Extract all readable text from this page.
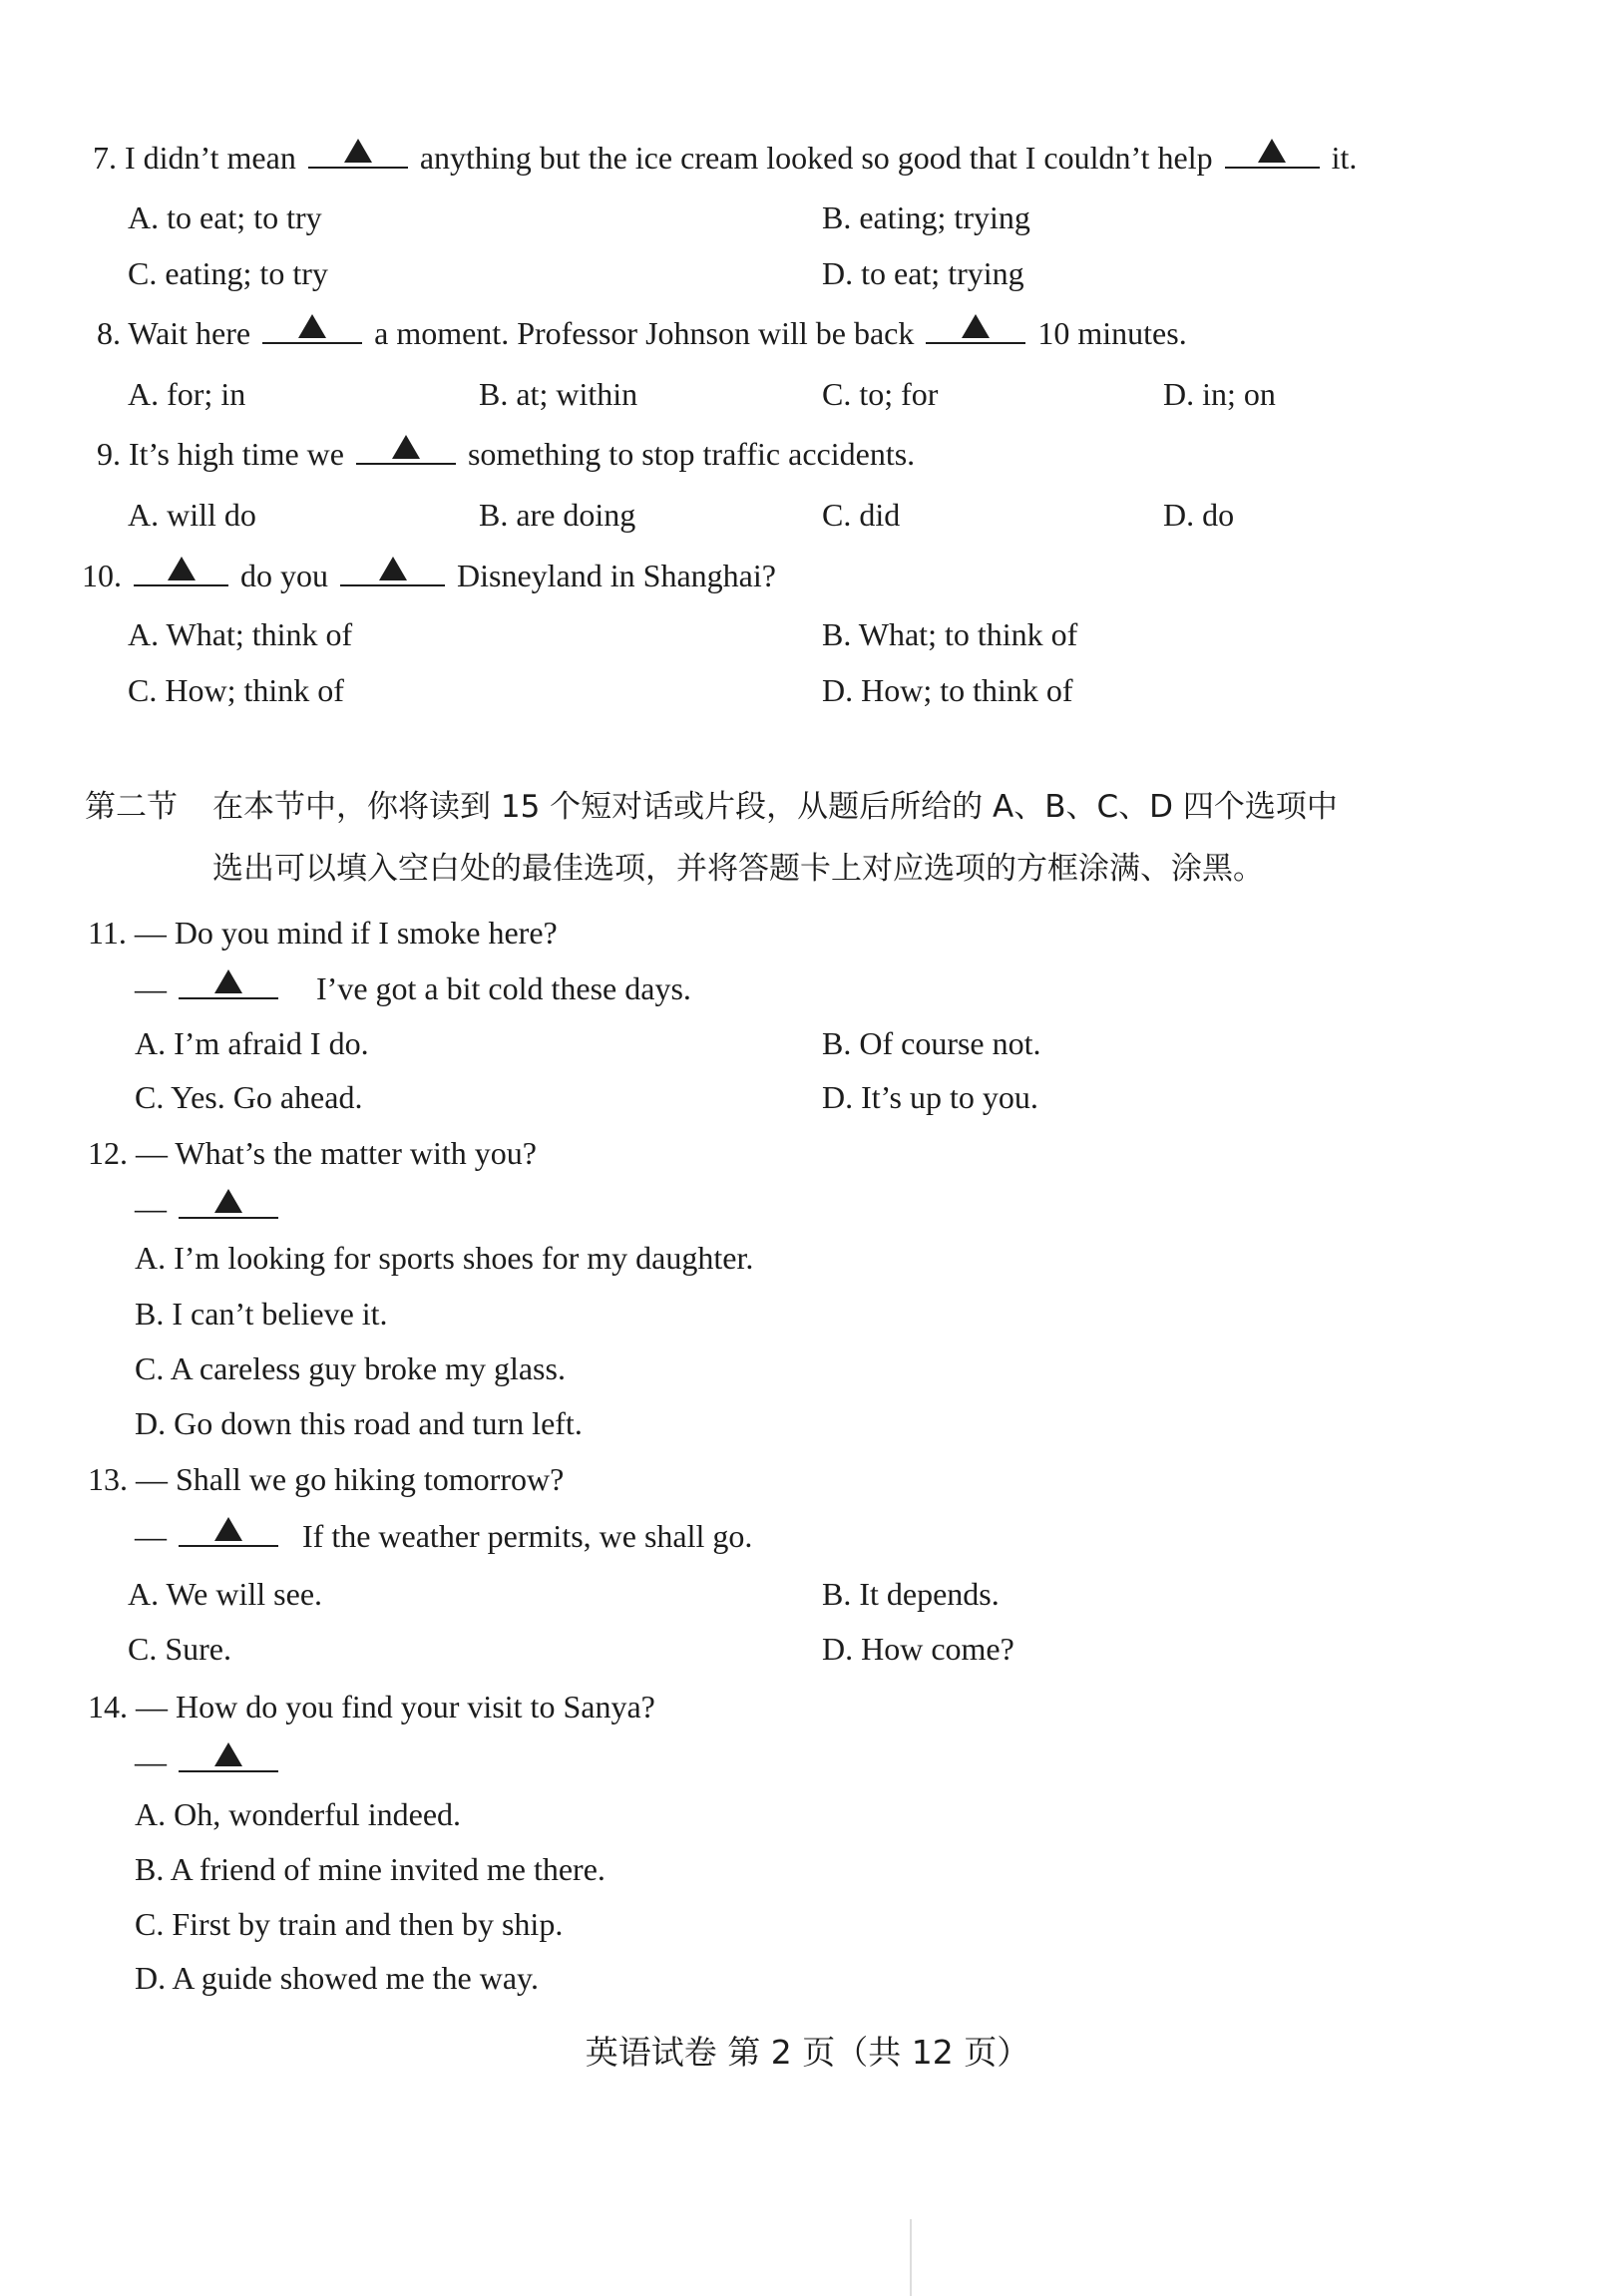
7. I didn’t mean	anything but the ice cream looked so good that I couldn’t help	it.
A. to eat; to try	B. eating; trying
C. eating; to try	D. to eat; trying
8. Wait here	a moment. Professor Johnson will be back	10 minutes.
A. for; in	B. at; within	C. to; for	D. in; on
9. It’s high time we	something to stop traffic accidents.
A. will do	B. are doing	C. did	D. do
10.	do you	Disneyland in Shanghai?
A. What; think of	B. What; to think of
C. How; think of	D. How; to think of
第二节 在本节中，你将读到 15 个短对话或片段，从题后所给的 A、B、C、D 四个选项中
选出可以填入空白处的最佳选项，并将答题卡上对应选项的方框涂满、涂黑。
11. — Do you mind if I smoke here?
—	I’ve got a bit cold these days.
A. I’m afraid I do.	B. Of course not.
C. Yes. Go ahead.	D. It’s up to you.
12. — What’s the matter with you?
—
A. I’m looking for sports shoes for my daughter.
B. I can’t believe it.
C. A careless guy broke my glass.
D. Go down this road and turn left.
13. — Shall we go hiking tomorrow?
—	If the weather permits, we shall go.
A. We will see.	B. It depends.
C. Sure.	D. How come?
14. — How do you find your visit to Sanya?
—
A. Oh, wonderful indeed.
B. A friend of mine invited me there.
C. First by train and then by ship.
D. A guide showed me the way.
英语试卷 第 2 页（共 12 页）
